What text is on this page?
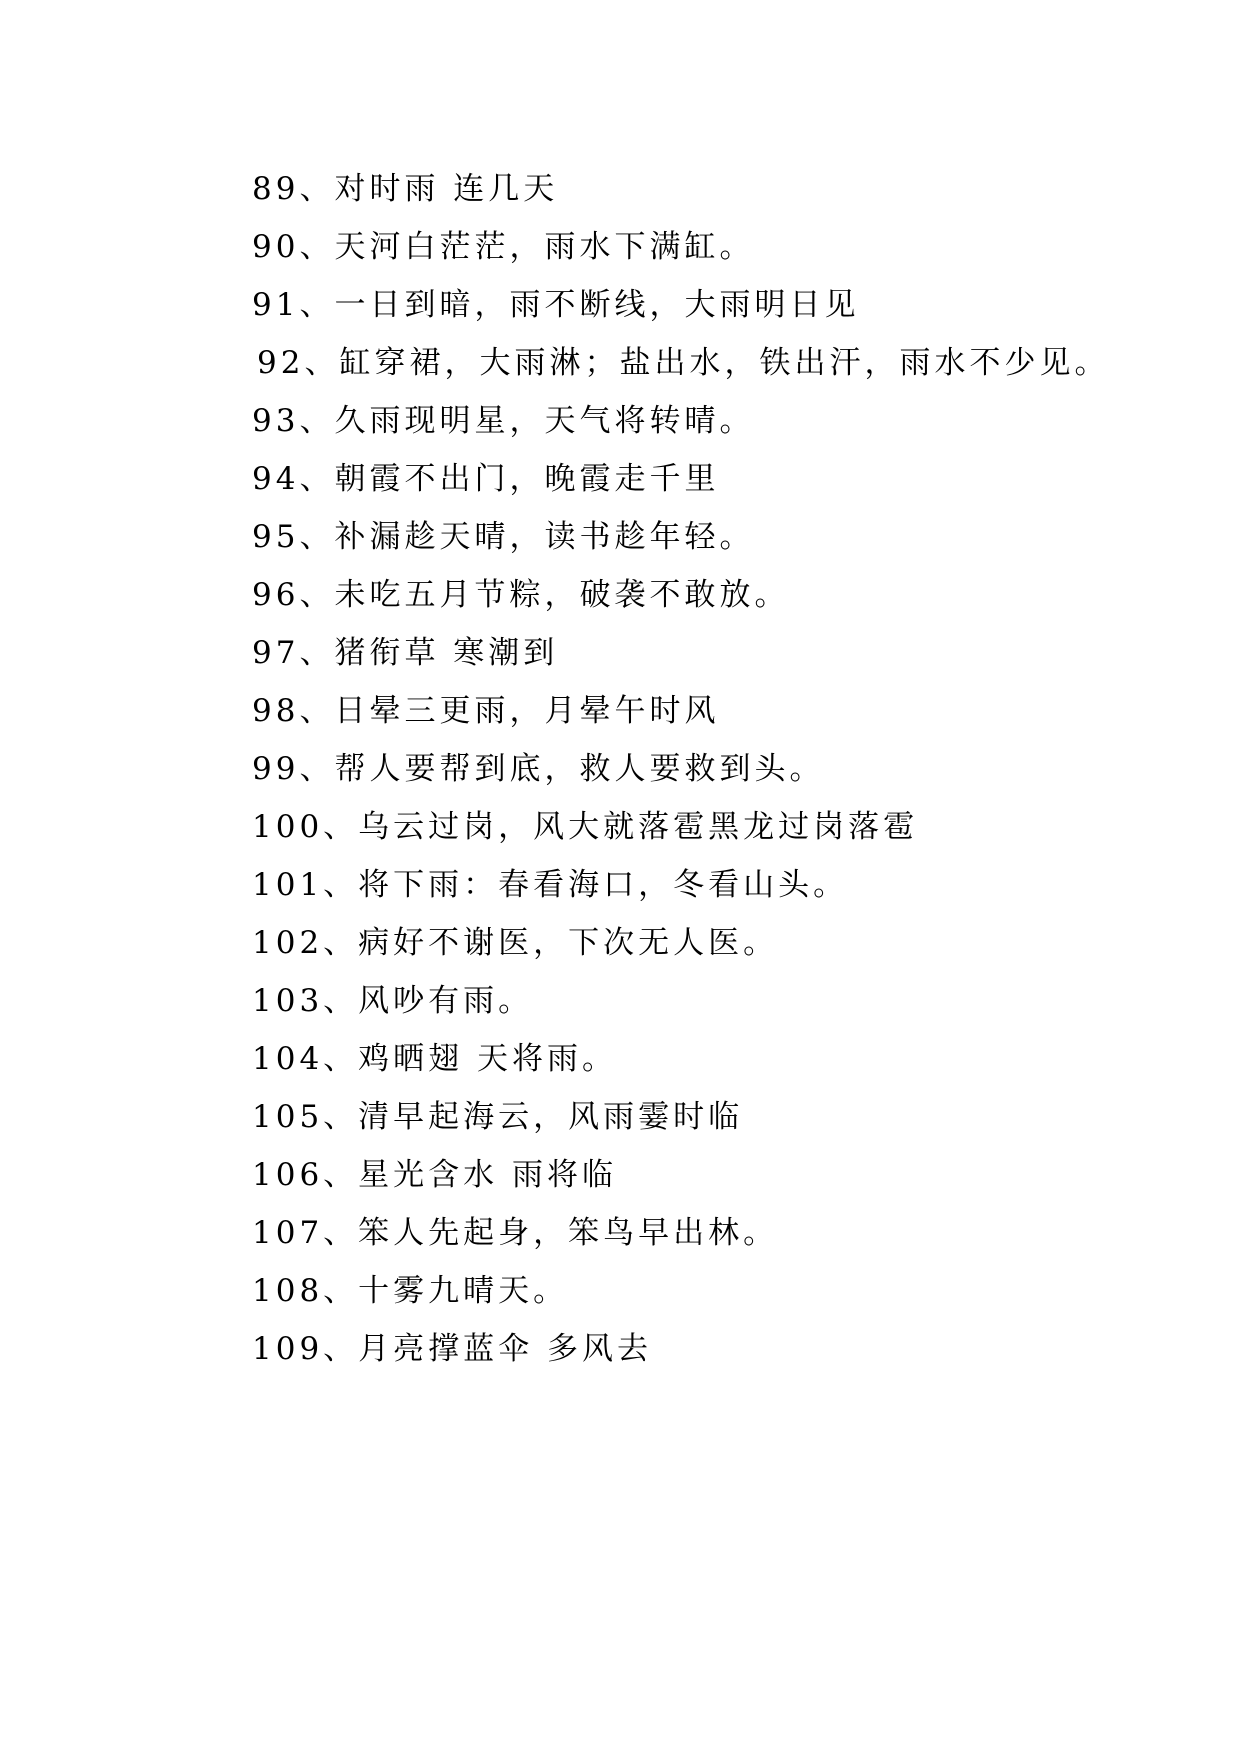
89、对时雨 连几天
90、天河白茫茫，雨水下满缸。
91、一日到暗，雨不断线，大雨明日见
92、缸穿裙，大雨淋；盐出水，铁出汗，雨水不少见。
93、久雨现明星，天气将转晴。
94、朝霞不出门，晚霞走千里
95、补漏趁天晴，读书趁年轻。
96、未吃五月节粽，破袭不敢放。
97、猪衔草 寒潮到
98、日晕三更雨，月晕午时风
99、帮人要帮到底，救人要救到头。
100、乌云过岗，风大就落雹黑龙过岗落雹
101、将下雨：春看海口，冬看山头。
102、病好不谢医，下次无人医。
103、风吵有雨。
104、鸡晒翅 天将雨。
105、清早起海云，风雨霎时临
106、星光含水 雨将临
107、笨人先起身，笨鸟早出林。
108、十雾九晴天。
109、月亮撑蓝伞 多风去
